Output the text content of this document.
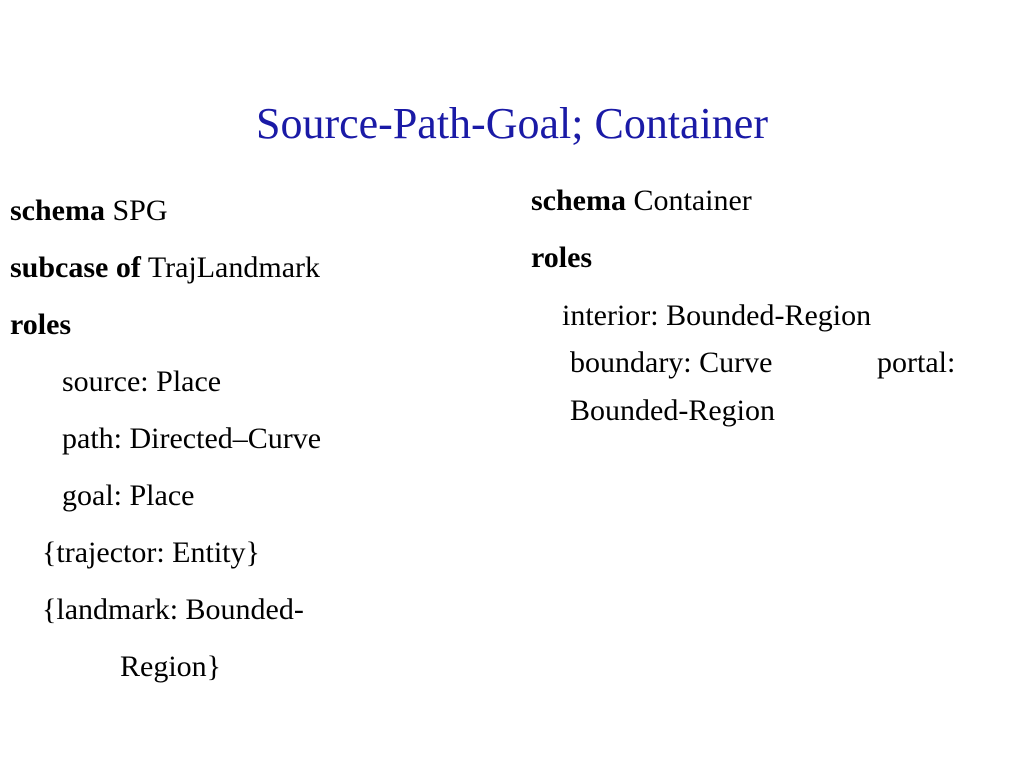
Source-Path-Goal; Container
schema SPG
subcase of TrajLandmark
roles
source: Place
path: Directed–Curve
goal: Place
{trajector: Entity}
{landmark: Bounded-
Region}
schema Container
roles
interior: Bounded-Region
boundary: Curve	portal:
Bounded-Region
